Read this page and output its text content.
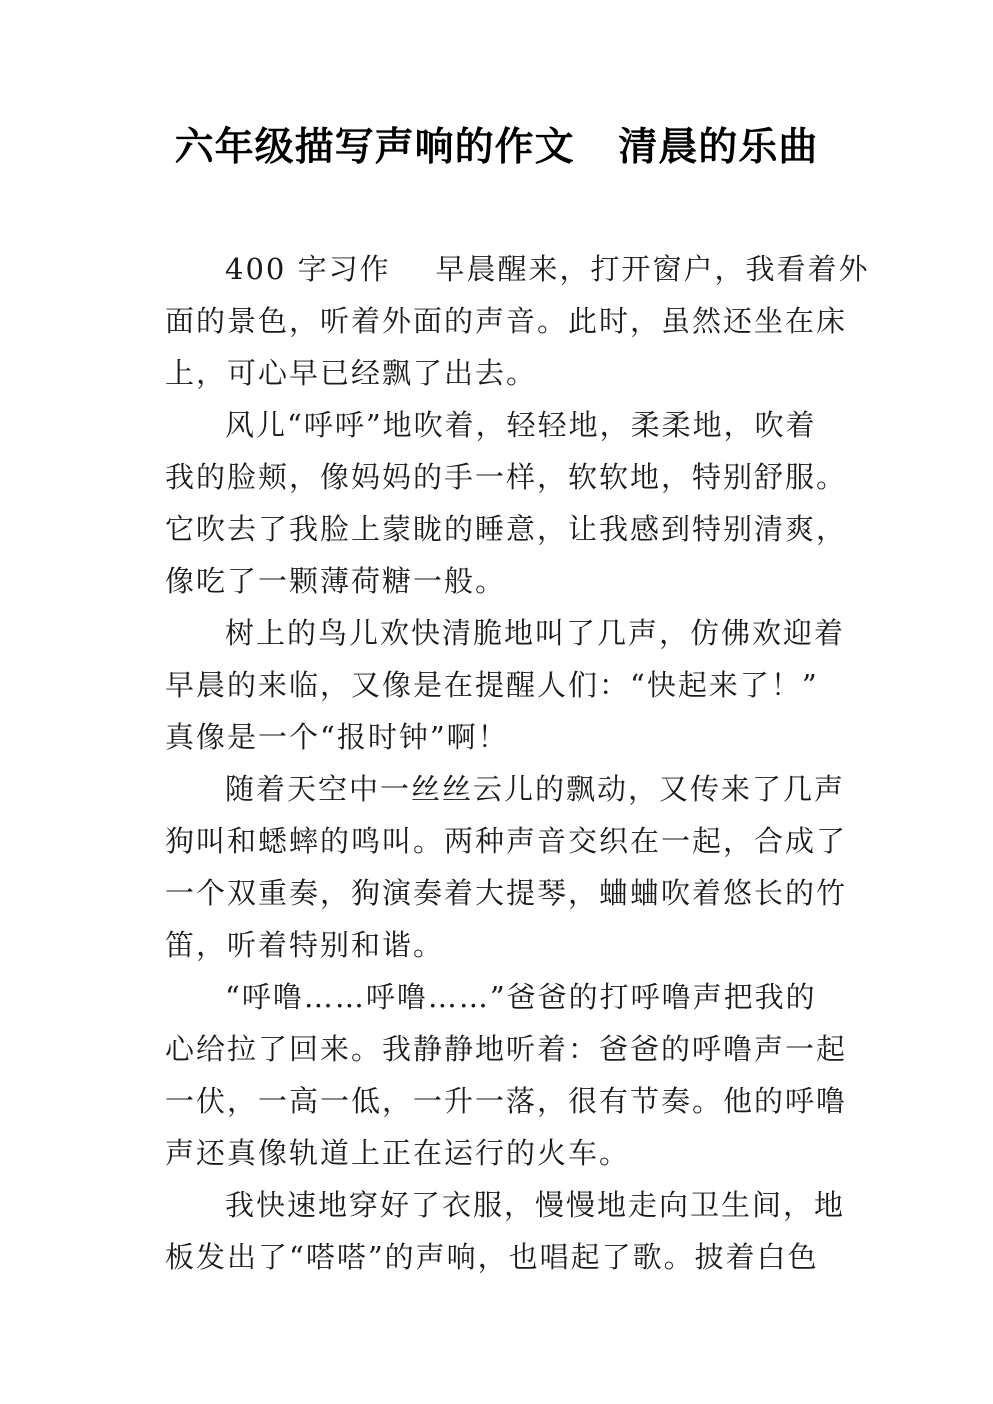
六年级描写声响的作文   清晨的乐曲
400 字习作    早晨醒来，打开窗户，我看着外
面的景色，听着外面的声音。此时，虽然还坐在床
上，可心早已经飘了出去。
风儿“呼呼”地吹着，轻轻地，柔柔地，吹着
我的脸颊，像妈妈的手一样，软软地，特别舒服。
它吹去了我脸上蒙眬的睡意，让我感到特别清爽，
像吃了一颗薄荷糖一般。
树上的鸟儿欢快清脆地叫了几声，仿佛欢迎着
早晨的来临，又像是在提醒人们：“快起来了！”
真像是一个“报时钟”啊！
随着天空中一丝丝云儿的飘动，又传来了几声
狗叫和蟋蟀的鸣叫。两种声音交织在一起，合成了
一个双重奏，狗演奏着大提琴，蛐蛐吹着悠长的竹
笛，听着特别和谐。
“呼噜……呼噜……”爸爸的打呼噜声把我的
心给拉了回来。我静静地听着：爸爸的呼噜声一起
一伏，一高一低，一升一落，很有节奏。他的呼噜
声还真像轨道上正在运行的火车。
我快速地穿好了衣服，慢慢地走向卫生间，地
板发出了“嗒嗒”的声响，也唱起了歌。披着白色
